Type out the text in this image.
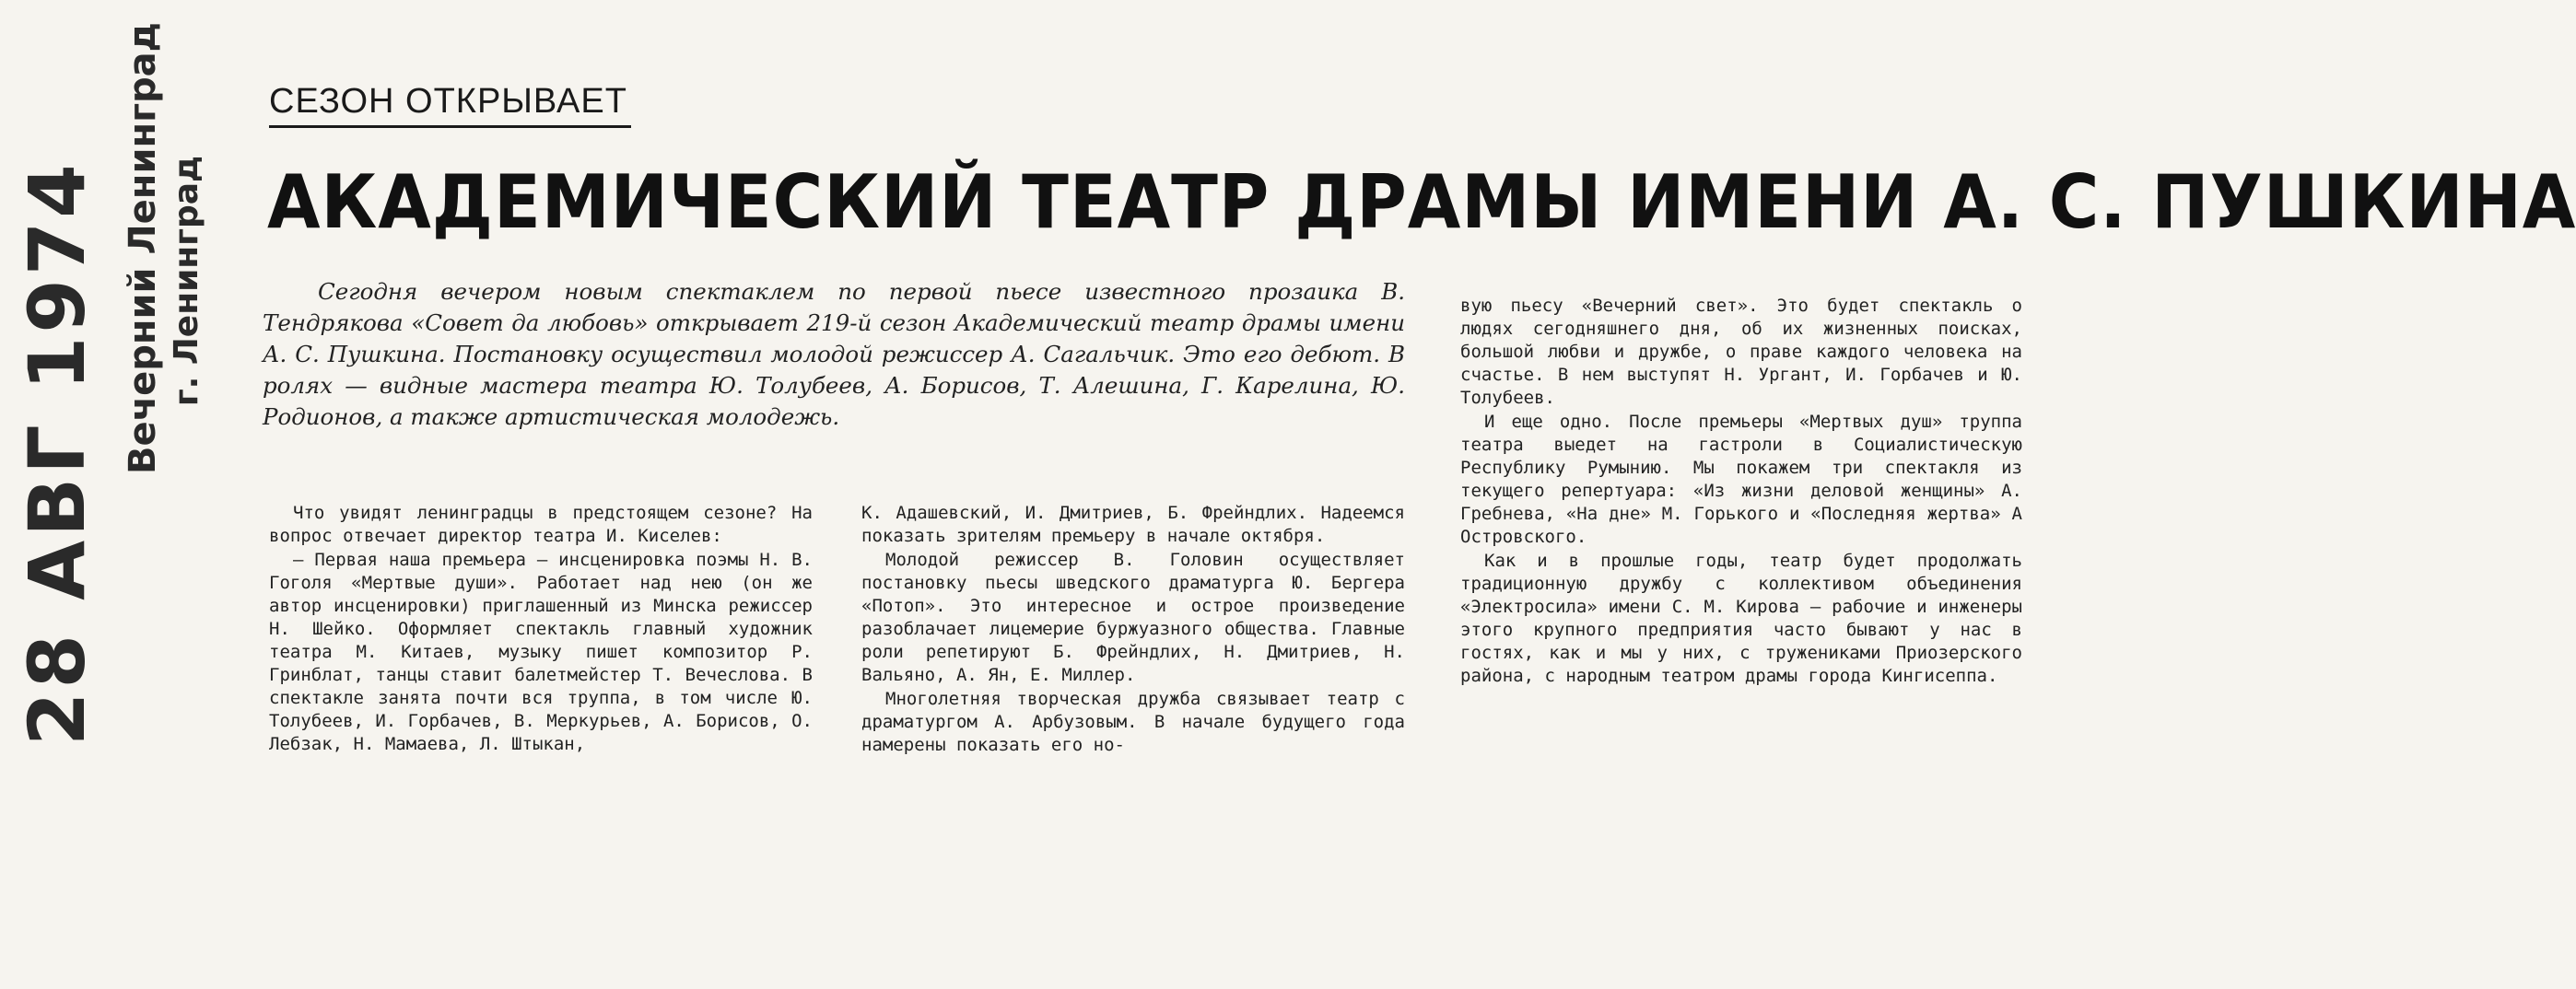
28 АВГ 1974 Вечерний Ленинград г. Ленинград
СЕЗОН ОТКРЫВАЕТ
АКАДЕМИЧЕСКИЙ ТЕАТР ДРАМЫ ИМЕНИ А. С. ПУШКИНА

Сегодня вечером новым спектаклем по первой пьесе известного прозаика В. Тендрякова «Совет да любовь» открывает 219-й сезон Академический театр драмы имени А. С. Пушкина. Постановку осуществил молодой режиссер А. Сагальчик. Это его дебют. В ролях — видные мастера театра Ю. Толубеев, А. Борисов, Т. Алешина, Г. Карелина, Ю. Родионов, а также артистическая молодежь.

Что увидят ленинградцы в предстоящем сезоне? На вопрос отвечает директор театра И. Киселев:

— Первая наша премьера — инсценировка поэмы Н. В. Гоголя «Мертвые души». Работает над нею (он же автор инсценировки) приглашенный из Минска режиссер Н. Шейко. Оформляет спектакль главный художник театра М. Китаев, музыку пишет композитор Р. Гринблат, танцы ставит балетмейстер Т. Вечеслова. В спектакле занята почти вся труппа, в том числе Ю. Толубеев, И. Горбачев, В. Меркурьев, А. Борисов, О. Лебзак, Н. Мамаева, Л. Штыкан,

К. Адашевский, И. Дмитриев, Б. Фрейндлих. Надеемся показать зрителям премьеру в начале октября.

Молодой режиссер В. Головин осуществляет постановку пьесы шведского драматурга Ю. Бергера «Потоп». Это интересное и острое произведение разоблачает лицемерие буржуазного общества. Главные роли репетируют Б. Фрейндлих, Н. Дмитриев, Н. Вальяно, А. Ян, Е. Миллер.

Многолетняя творческая дружба связывает театр с драматургом А. Арбузовым. В начале будущего года намерены показать его но-

вую пьесу «Вечерний свет». Это будет спектакль о людях сегодняшнего дня, об их жизненных поисках, большой любви и дружбе, о праве каждого человека на счастье. В нем выступят Н. Ургант, И. Горбачев и Ю. Толубеев.

И еще одно. После премьеры «Мертвых душ» труппа театра выедет на гастроли в Социалистическую Республику Румынию. Мы покажем три спектакля из текущего репертуара: «Из жизни деловой женщины» А. Гребнева, «На дне» М. Горького и «Последняя жертва» А Островского.

Как и в прошлые годы, театр будет продолжать традиционную дружбу с коллективом объединения «Электросила» имени С. М. Кирова — рабочие и инженеры этого крупного предприятия часто бывают у нас в гостях, как и мы у них, с тружениками Приозерского района, с народным театром драмы города Кингисеппа.
